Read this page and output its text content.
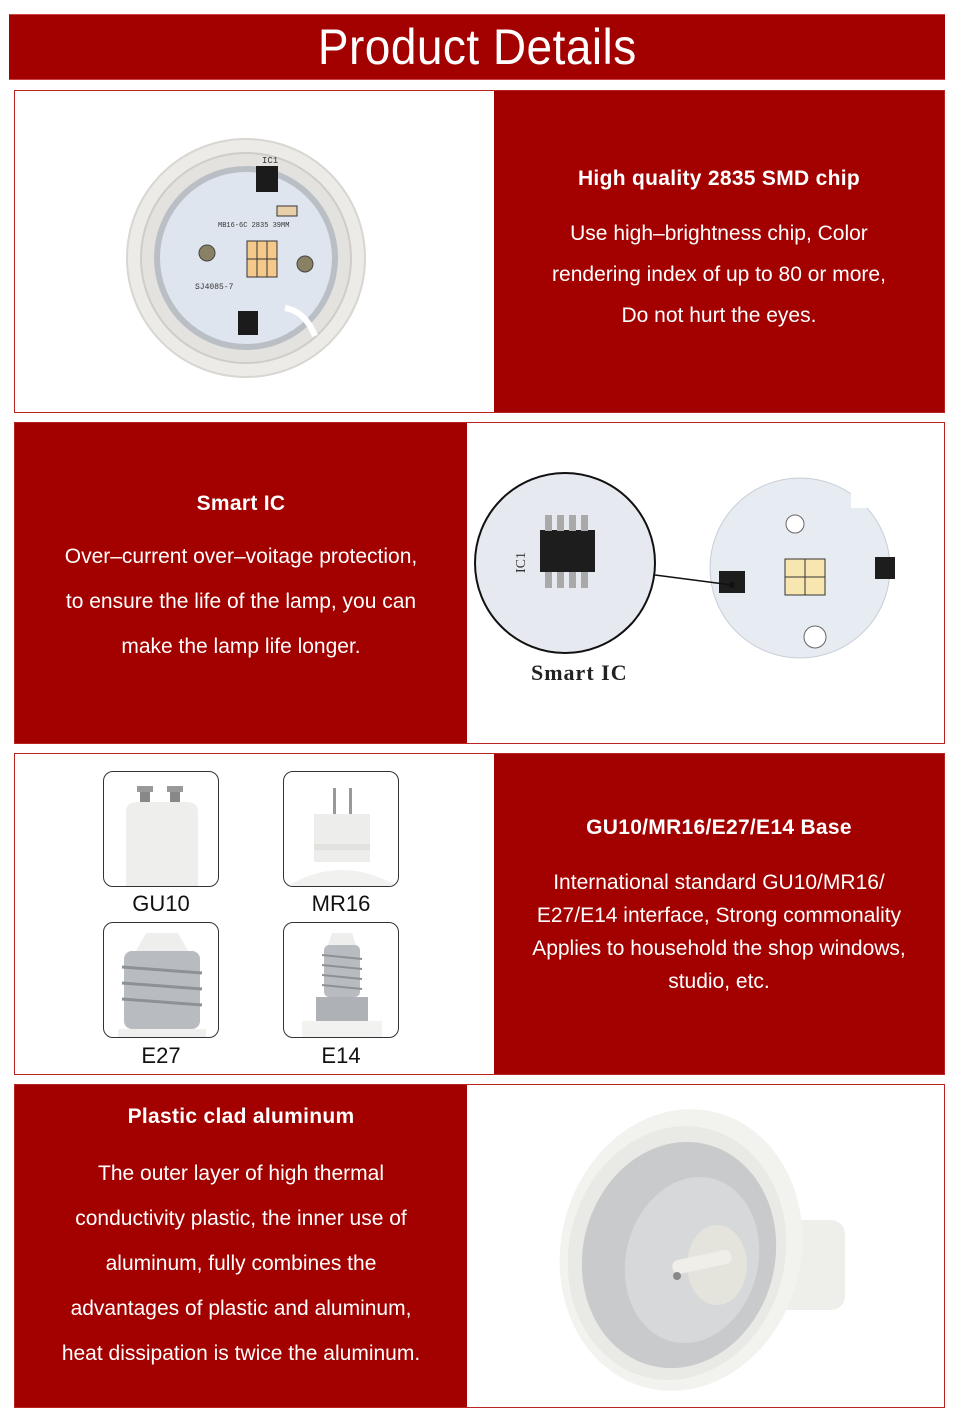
Product Details
IC1
MB16-6C 2835 39MM
SJ4085-7
High quality 2835 SMD chip
Use high–brightness chip, Color
rendering index of up to 80 or more,
Do not hurt the eyes.
Smart IC
Over–current over–voitage protection,
to ensure the life of the lamp, you can
make the lamp life longer.
IC1
Smart IC
GU10	MR16
E27	E14
GU10/MR16/E27/E14 Base
International standard GU10/MR16/
E27/E14 interface, Strong commonality
Applies to household the shop windows,
studio, etc.
Plastic clad aluminum
The outer layer of high thermal
conductivity plastic, the inner use of
aluminum, fully combines the
advantages of plastic and aluminum,
heat dissipation is twice the aluminum.
